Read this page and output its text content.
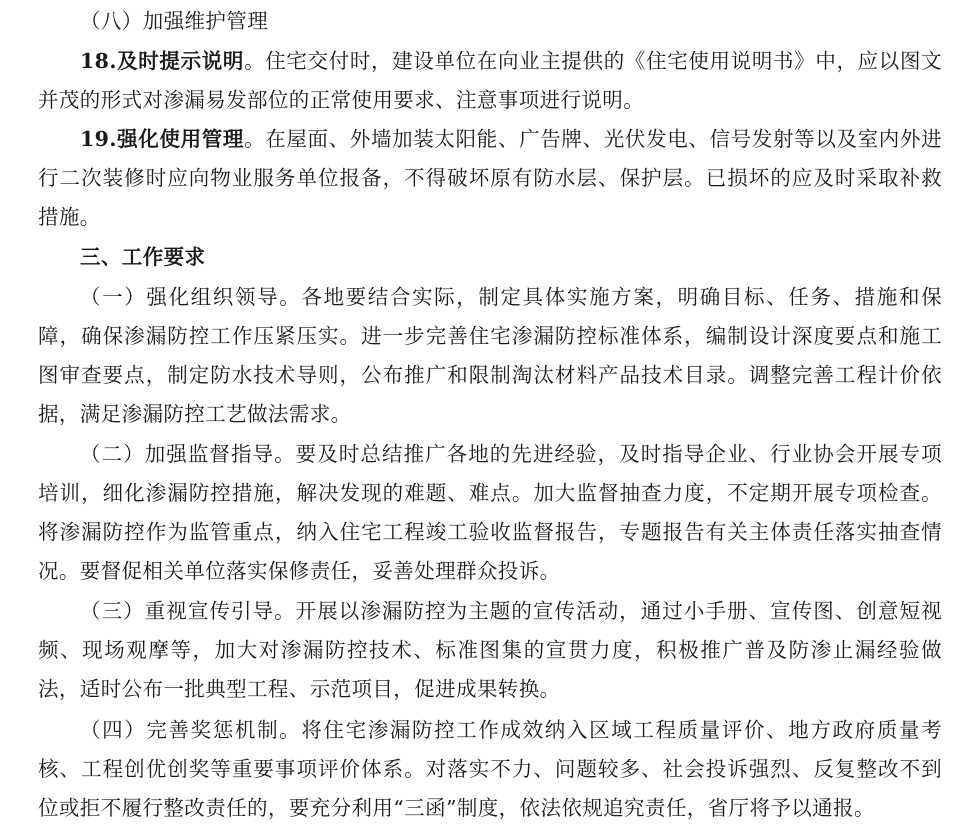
（八）加强维护管理
18.及时提示说明。住宅交付时，建设单位在向业主提供的《住宅使用说明书》中，应以图文
并茂的形式对渗漏易发部位的正常使用要求、注意事项进行说明。
19.强化使用管理。在屋面、外墙加装太阳能、广告牌、光伏发电、信号发射等以及室内外进
行二次装修时应向物业服务单位报备，不得破坏原有防水层、保护层。已损坏的应及时采取补救
措施。
三、工作要求
（一）强化组织领导。各地要结合实际，制定具体实施方案，明确目标、任务、措施和保
障，确保渗漏防控工作压紧压实。进一步完善住宅渗漏防控标准体系，编制设计深度要点和施工
图审查要点，制定防水技术导则，公布推广和限制淘汰材料产品技术目录。调整完善工程计价依
据，满足渗漏防控工艺做法需求。
（二）加强监督指导。要及时总结推广各地的先进经验，及时指导企业、行业协会开展专项
培训，细化渗漏防控措施，解决发现的难题、难点。加大监督抽查力度，不定期开展专项检查。
将渗漏防控作为监管重点，纳入住宅工程竣工验收监督报告，专题报告有关主体责任落实抽查情
况。要督促相关单位落实保修责任，妥善处理群众投诉。
（三）重视宣传引导。开展以渗漏防控为主题的宣传活动，通过小手册、宣传图、创意短视
频、现场观摩等，加大对渗漏防控技术、标准图集的宣贯力度，积极推广普及防渗止漏经验做
法，适时公布一批典型工程、示范项目，促进成果转换。
（四）完善奖惩机制。将住宅渗漏防控工作成效纳入区域工程质量评价、地方政府质量考
核、工程创优创奖等重要事项评价体系。对落实不力、问题较多、社会投诉强烈、反复整改不到
位或拒不履行整改责任的，要充分利用“三函”制度，依法依规追究责任，省厅将予以通报。
